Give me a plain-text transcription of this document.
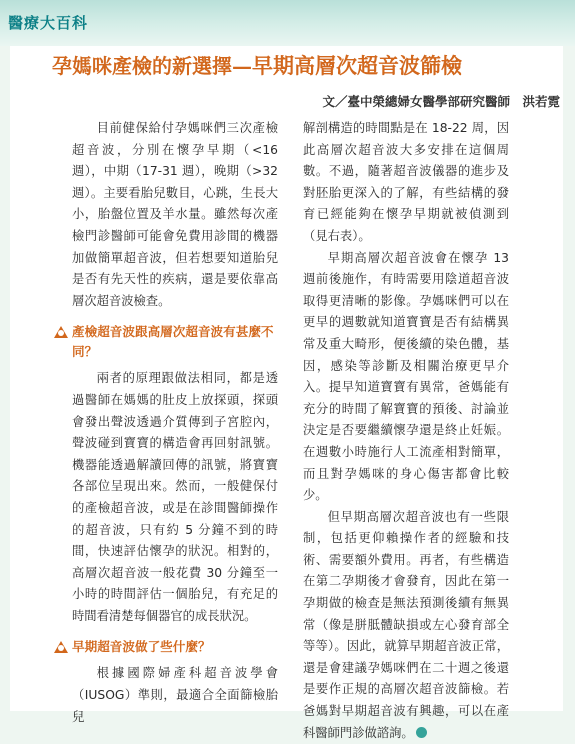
醫療大百科
孕媽咪產檢的新選擇—早期高層次超音波篩檢
文／臺中榮總婦女醫學部研究醫師　洪若霓

目前健保給付孕媽咪們三次產檢超音波，分別在懷孕早期（<16 週），中期（17-31 週），晚期（>32 週）。主要看胎兒數目，心跳，生長大小，胎盤位置及羊水量。雖然每次產檢門診醫師可能會免費用診間的機器加做簡單超音波，但若想要知道胎兒是否有先天性的疾病，還是要依靠高層次超音波檢查。

產檢超音波跟高層次超音波有甚麼不同？

兩者的原理跟做法相同，都是透過醫師在媽媽的肚皮上放探頭，探頭會發出聲波透過介質傳到子宮腔內，聲波碰到寶寶的構造會再回射訊號。機器能透過解讀回傳的訊號，將寶寶各部位呈現出來。然而，一般健保付的產檢超音波，或是在診間醫師操作的超音波，只有約 5 分鐘不到的時間，快速評估懷孕的狀況。相對的，高層次超音波一般花費 30 分鐘至一小時的時間評估一個胎兒，有充足的時間看清楚每個器官的成長狀況。

早期超音波做了些什麼？

根據國際婦產科超音波學會（IUSOG）準則，最適合全面篩檢胎兒

解剖構造的時間點是在 18-22 周，因此高層次超音波大多安排在這個周數。不過，隨著超音波儀器的進步及對胚胎更深入的了解，有些結構的發育已經能夠在懷孕早期就被偵測到（見右表）。

早期高層次超音波會在懷孕 13 週前後施作，有時需要用陰道超音波取得更清晰的影像。孕媽咪們可以在更早的週數就知道寶寶是否有結構異常及重大畸形，便後續的染色體，基因，感染等診斷及相關治療更早介入。提早知道寶寶有異常，爸媽能有充分的時間了解寶寶的預後、討論並決定是否要繼續懷孕還是終止妊娠。在週數小時施行人工流產相對簡單，而且對孕媽咪的身心傷害都會比較少。

但早期高層次超音波也有一些限制，包括更仰賴操作者的經驗和技術、需要額外費用。再者，有些構造在第二孕期後才會發育，因此在第一孕期做的檢查是無法預測後續有無異常（像是胼胝體缺損或左心發育部全等等）。因此，就算早期超音波正常，還是會建議孕媽咪們在二十週之後還是要作正規的高層次超音波篩檢。若爸媽對早期超音波有興趣，可以在產科醫師門診做諮詢。
